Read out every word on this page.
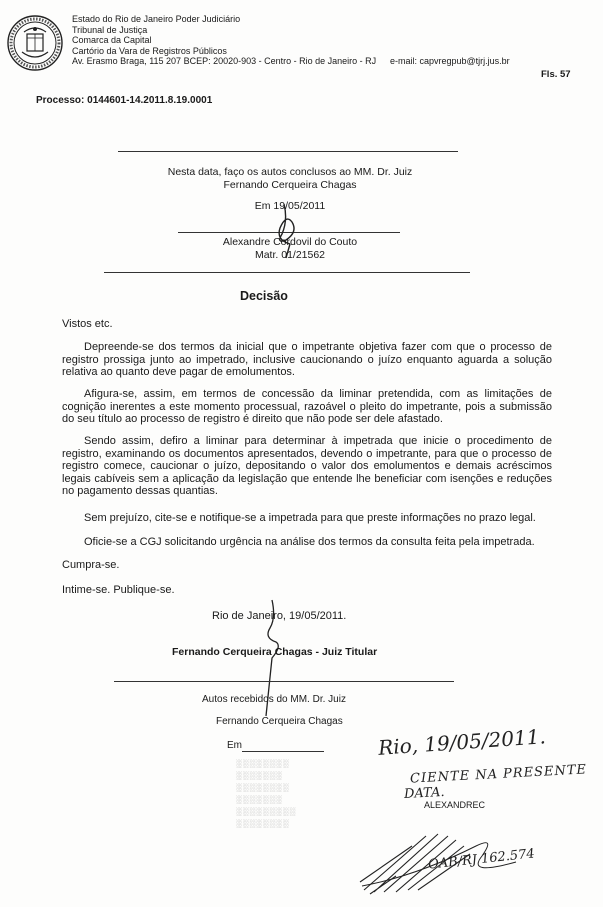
Estado do Rio de Janeiro Poder Judiciário
Tribunal de Justiça
Comarca da Capital
Cartório da Vara de Registros Públicos
Av. Erasmo Braga, 115 207 BCEP: 20020-903 - Centro - Rio de Janeiro - RJ e-mail: capvregpub@tjrj.jus.br
Fls. 57
Processo: 0144601-14.2011.8.19.0001
Nesta data, faço os autos conclusos ao MM. Dr. Juiz
Fernando Cerqueira Chagas
Em 19/05/2011
Alexandre Cordovil do Couto
Matr. 01/21562
Decisão
Vistos etc.
Depreende-se dos termos da inicial que o impetrante objetiva fazer com que o processo de registro prossiga junto ao impetrado, inclusive caucionando o juízo enquanto aguarda a solução relativa ao quanto deve pagar de emolumentos.
Afigura-se, assim, em termos de concessão da liminar pretendida, com as limitações de cognição inerentes a este momento processual, razoável o pleito do impetrante, pois a submissão do seu título ao processo de registro é direito que não pode ser dele afastado.
Sendo assim, defiro a liminar para determinar à impetrada que inicie o procedimento de registro, examinando os documentos apresentados, devendo o impetrante, para que o processo de registro comece, caucionar o juízo, depositando o valor dos emolumentos e demais acréscimos legais cabíveis sem a aplicação da legislação que entende lhe beneficiar com isenções e reduções no pagamento dessas quantias.
Sem prejuízo, cite-se e notifique-se a impetrada para que preste informações no prazo legal.
Oficie-se a CGJ solicitando urgência na análise dos termos da consulta feita pela impetrada.
Cumpra-se.
Intime-se. Publique-se.
Rio de Janeiro, 19/05/2011.
Fernando Cerqueira Chagas - Juiz Titular
Autos recebidos do MM. Dr. Juiz
Fernando Cerqueira Chagas
Em
░░░░░░░░
░░░░░░░
░░░░░░░░
░░░░░░░
░░░░░░░░░
░░░░░░░░
Rio, 19/05/2011.
CIENTE NA PRESENTE
DATA.
ALEXANDREC
OAB/RJ 162.574
